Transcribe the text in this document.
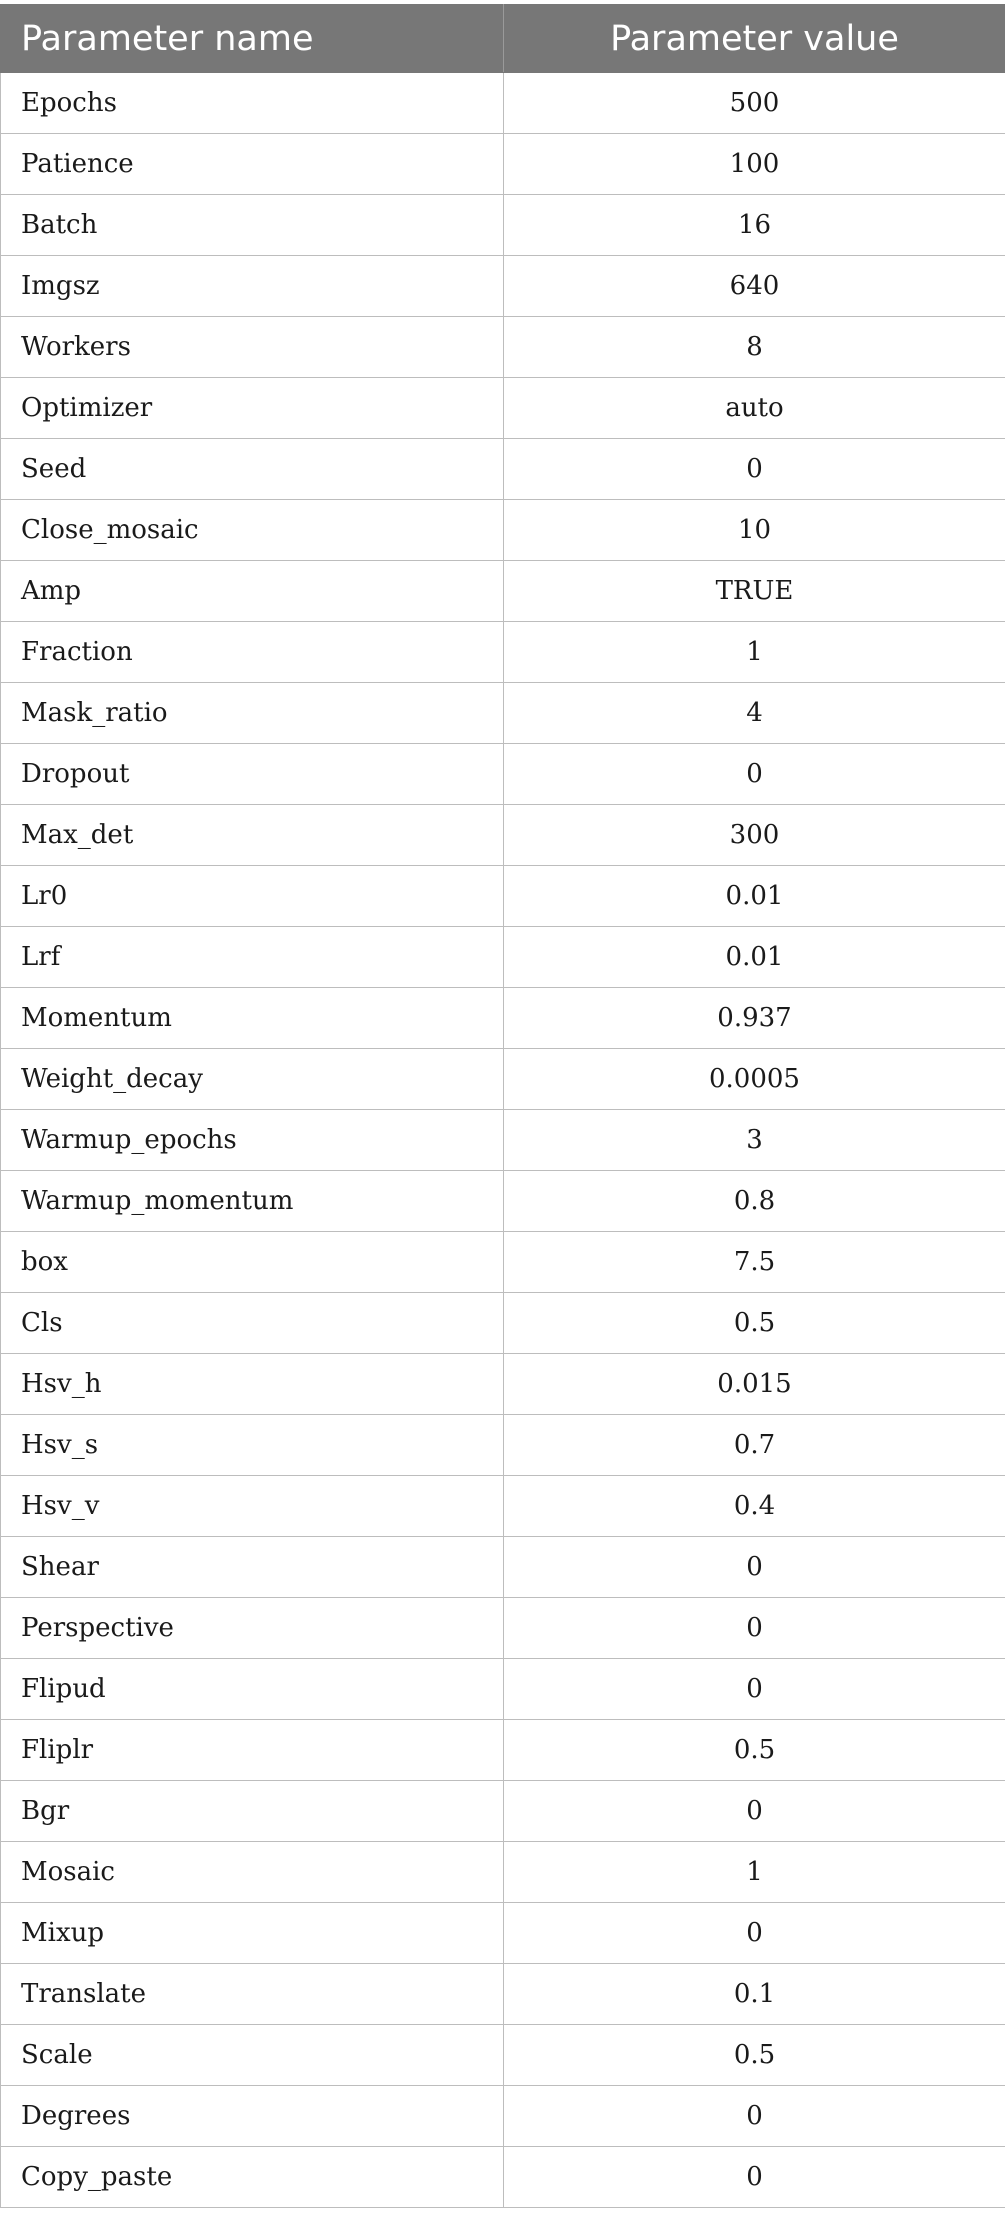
Parameter name	Parameter value
Epochs	500
Patience	100
Batch	16
Imgsz	640
Workers	8
Optimizer	auto
Seed	0
Close_mosaic	10
Amp	TRUE
Fraction	1
Mask_ratio	4
Dropout	0
Max_det	300
Lr0	0.01
Lrf	0.01
Momentum	0.937
Weight_decay	0.0005
Warmup_epochs	3
Warmup_momentum	0.8
box	7.5
Cls	0.5
Hsv_h	0.015
Hsv_s	0.7
Hsv_v	0.4
Shear	0
Perspective	0
Flipud	0
Fliplr	0.5
Bgr	0
Mosaic	1
Mixup	0
Translate	0.1
Scale	0.5
Degrees	0
Copy_paste	0
